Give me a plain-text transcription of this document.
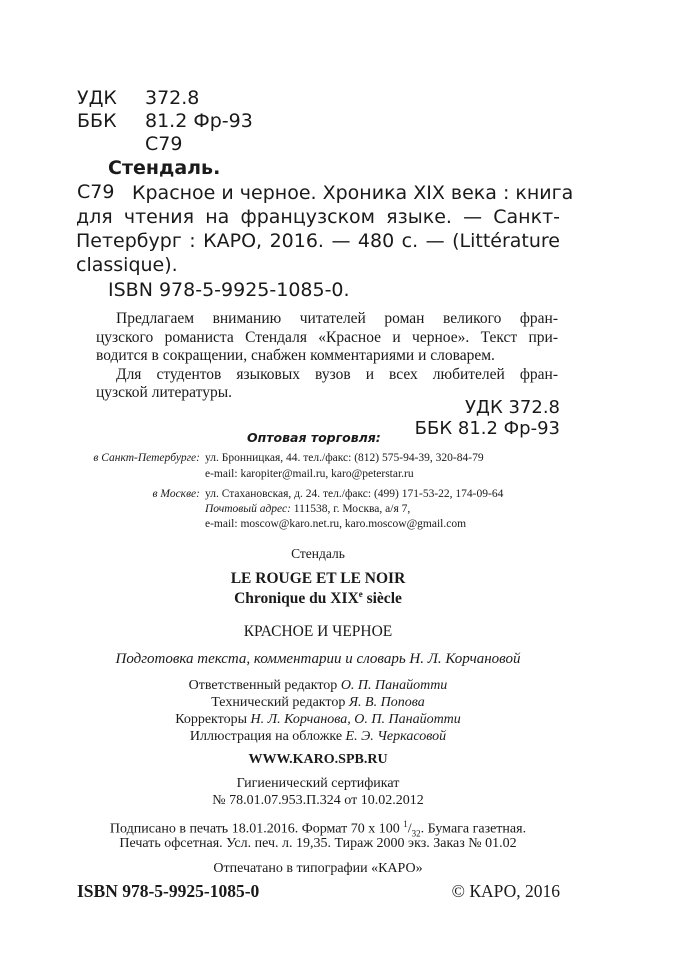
УДК 372.8
ББК 81.2 Фр-93
С79
Стендаль.
С79 Красное и черное. Хроника XIX века : книга
для чтения на французском языке. — Санкт-
Петербург : КАРО, 2016. — 480 с. — (Littérature
classique).
ISBN 978-5-9925-1085-0.
Предлагаем вниманию читателей роман великого фран-
цузского романиста Стендаля «Красное и черное». Текст при-
водится в сокращении, снабжен комментариями и словарем.
Для студентов языковых вузов и всех любителей фран-
цузской литературы.
УДК 372.8
ББК 81.2 Фр-93
Оптовая торговля:
в Санкт-Петербурге: ул. Бронницкая, 44. тел./факс: (812) 575-94-39, 320-84-79
e-mail: karopiter@mail.ru, karo@peterstar.ru
в Москве: ул. Стахановская, д. 24. тел./факс: (499) 171-53-22, 174-09-64
Почтовый адрес: 111538, г. Москва, а/я 7,
e-mail: moscow@karo.net.ru, karo.moscow@gmail.com
Стендаль
LE ROUGE ET LE NOIR
Chronique du XIXe siècle
КРАСНОЕ И ЧЕРНОЕ
Подготовка текста, комментарии и словарь Н. Л. Корчановой
Ответственный редактор О. П. Панайотти
Технический редактор Я. В. Попова
Корректоры Н. Л. Корчанова, О. П. Панайотти
Иллюстрация на обложке Е. Э. Черкасовой
WWW.KARO.SPB.RU
Гигиенический сертификат
№ 78.01.07.953.П.324 от 10.02.2012
Подписано в печать 18.01.2016. Формат 70 х 100 $^1/_{32}$. Бумага газетная.
Печать офсетная. Усл. печ. л. 19,35. Тираж 2000 экз. Заказ № 01.02
Отпечатано в типографии «КАРО»
ISBN 978-5-9925-1085-0	© КАРО, 2016
